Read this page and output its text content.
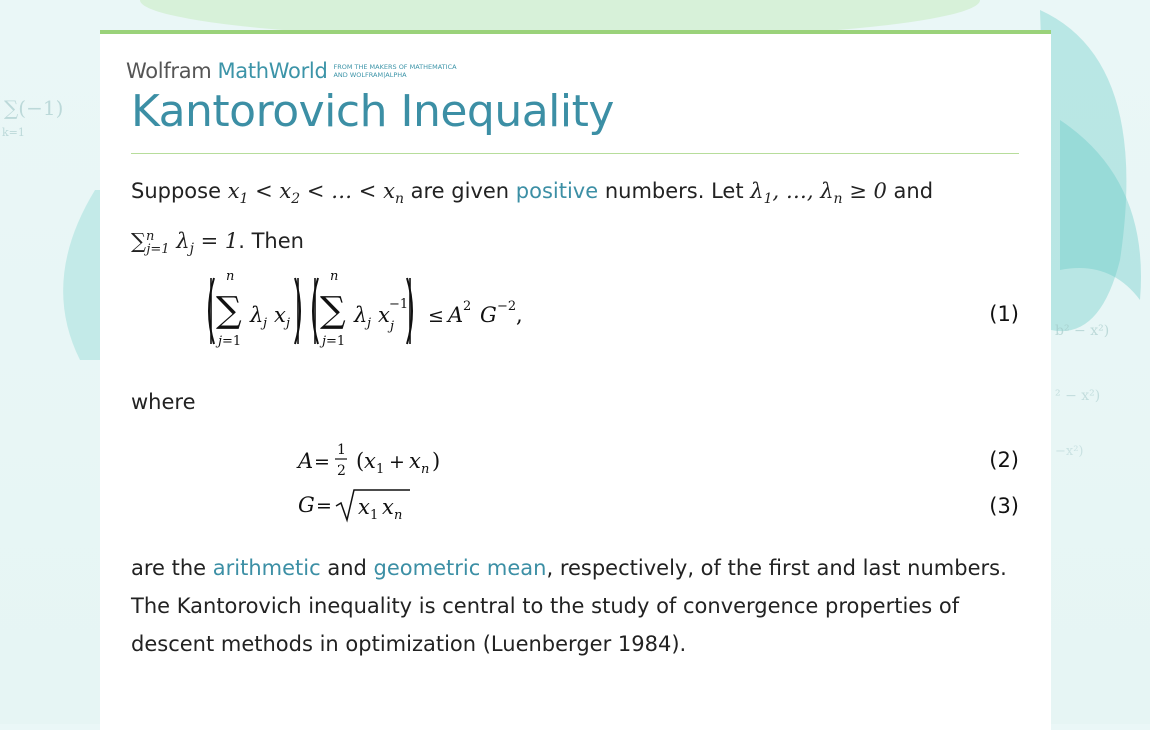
∑(−1)
k=1
b² − x²)
² − x²)
−x²)
Wolfram MathWorld FROM THE MAKERS OF MATHEMATICA
AND WOLFRAM|ALPHA
Kantorovich Inequality

Suppose $x_1 < x_2$ < … < $x_n$ are given positive numbers. Let $\lambda_1$, …, $\lambda_n \ge 0$ and
∑$^n_{j=1}$ $\lambda_j = 1$. Then

n
∑
j=1
λ j x j
n
∑
j=1
λ j x j
−1
≤ A 2 G −2 ,	(1)

where

A =
1
2 ( x 1 + x n )	(2)
G = x 1 x n	(3)

are the arithmetic and geometric mean, respectively, of the first and last numbers. The Kantorovich inequality is central to the study of convergence properties of descent methods in optimization (Luenberger 1984).
